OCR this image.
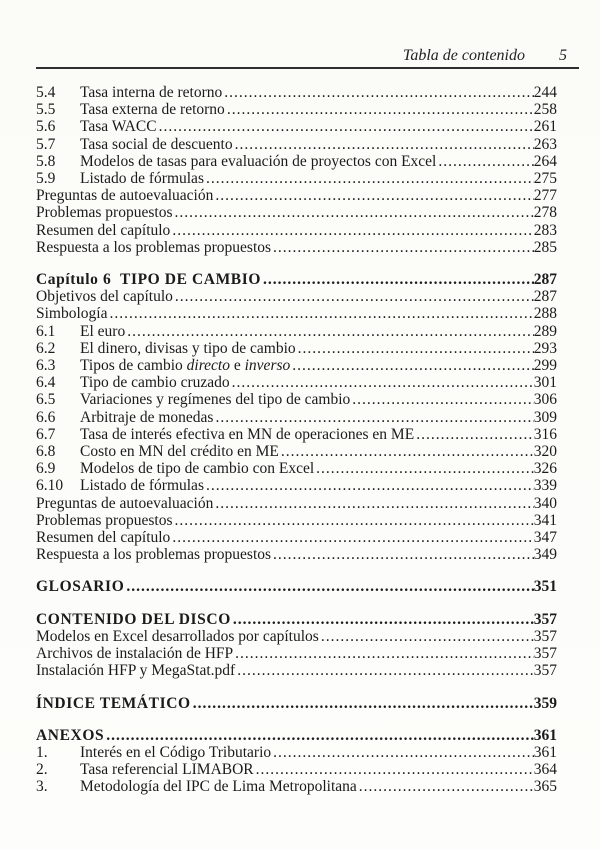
Tabla de contenido 5
5.4	Tasa interna de retorno .....	244
5.5	Tasa externa de retorno .....	258
5.6	Tasa WACC .....	261
5.7	Tasa social de descuento .....	263
5.8	Modelos de tasas para evaluación de proyectos con Excel .....	264
5.9	Listado de fórmulas .....	275
Preguntas de autoevaluación .....	277
Problemas propuestos .....	278
Resumen del capítulo .....	283
Respuesta a los problemas propuestos .....	285
Capítulo 6  TIPO DE CAMBIO .....	287
Objetivos del capítulo .....	287
Simbología .....	288
6.1	El euro .....	289
6.2	El dinero, divisas y tipo de cambio .....	293
6.3	Tipos de cambio directo e inverso .....	299
6.4	Tipo de cambio cruzado .....	301
6.5	Variaciones y regímenes del tipo de cambio .....	306
6.6	Arbitraje de monedas .....	309
6.7	Tasa de interés efectiva en MN de operaciones en ME .....	316
6.8	Costo en MN del crédito en ME .....	320
6.9	Modelos de tipo de cambio con Excel .....	326
6.10	Listado de fórmulas .....	339
Preguntas de autoevaluación .....	340
Problemas propuestos .....	341
Resumen del capítulo .....	347
Respuesta a los problemas propuestos .....	349
GLOSARIO .....	351
CONTENIDO DEL DISCO .....	357
Modelos en Excel desarrollados por capítulos .....	357
Archivos de instalación de HFP .....	357
Instalación HFP y MegaStat.pdf .....	357
ÍNDICE TEMÁTICO .....	359
ANEXOS .....	361
1.	Interés en el Código Tributario .....	361
2.	Tasa referencial LIMABOR .....	364
3.	Metodología del IPC de Lima Metropolitana .....	365
